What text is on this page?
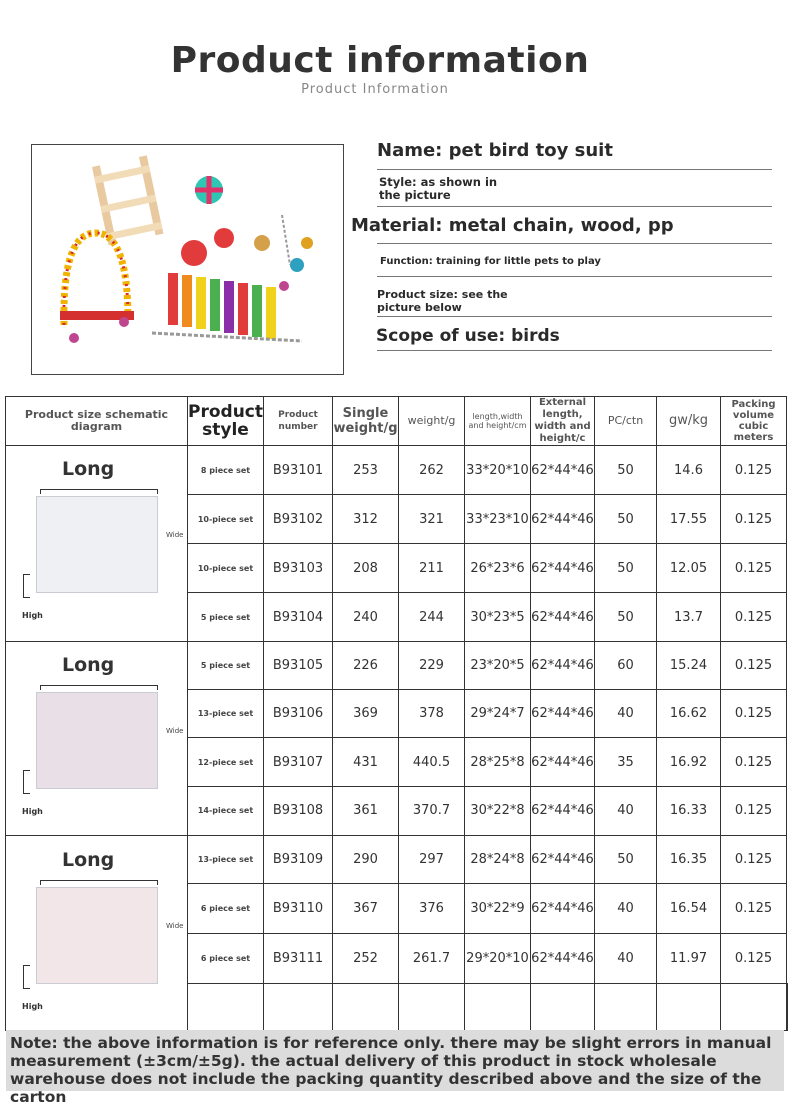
Product information
Product Information
Name: pet bird toy suit
Style: as shown in the picture
Material: metal chain, wood, pp
Function: training for little pets to play
Product size: see the picture below
Scope of use: birds
Product size schematic diagram	Product style	Product number	Single weight/g	weight/g	length,width and height/cm	External length, width and height/c	PC/ctn	gw/kg	Packing volume cubic meters	

Long
Wide
High	8 piece set	B93101	253	262	33*20*10	62*44*46	50	14.6	0.125	
	10-piece set	B93102	312	321	33*23*10	62*44*46	50	17.55	0.125	
	10-piece set	B93103	208	211	26*23*6	62*44*46	50	12.05	0.125	
	5 piece set	B93104	240	244	30*23*5	62*44*46	50	13.7	0.125	

Long
Wide
High	5 piece set	B93105	226	229	23*20*5	62*44*46	60	15.24	0.125	
	13-piece set	B93106	369	378	29*24*7	62*44*46	40	16.62	0.125	
	12-piece set	B93107	431	440.5	28*25*8	62*44*46	35	16.92	0.125	
	14-piece set	B93108	361	370.7	30*22*8	62*44*46	40	16.33	0.125	

Long
Wide
High	13-piece set	B93109	290	297	28*24*8	62*44*46	50	16.35	0.125	
	6 piece set	B93110	367	376	30*22*9	62*44*46	40	16.54	0.125	
	6 piece set	B93111	252	261.7	29*20*10	62*44*46	40	11.97	0.125	

Note: the above information is for reference only. there may be slight errors in manual measurement (±3cm/±5g). the actual delivery of this product in stock wholesale warehouse does not include the packing quantity described above and the size of the carton
